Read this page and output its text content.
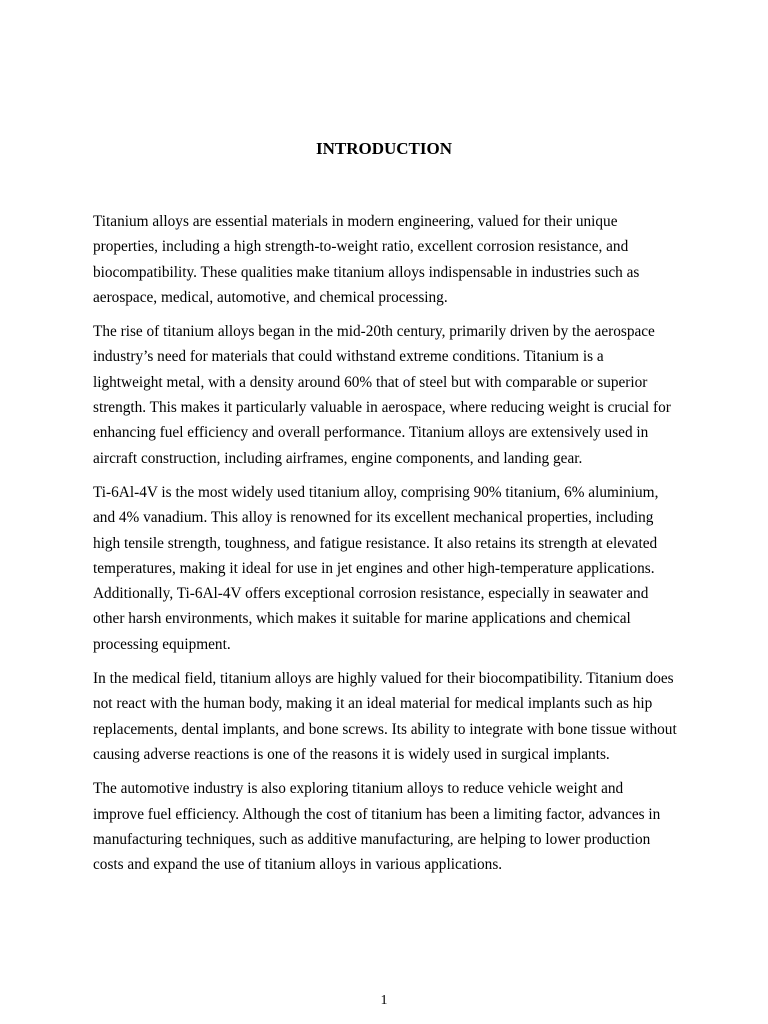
INTRODUCTION

Titanium alloys are essential materials in modern engineering, valued for their unique properties, including a high strength-to-weight ratio, excellent corrosion resistance, and biocompatibility. These qualities make titanium alloys indispensable in industries such as aerospace, medical, automotive, and chemical processing.

The rise of titanium alloys began in the mid-20th century, primarily driven by the aerospace industry’s need for materials that could withstand extreme conditions. Titanium is a lightweight metal, with a density around 60% that of steel but with comparable or superior strength. This makes it particularly valuable in aerospace, where reducing weight is crucial for enhancing fuel efficiency and overall performance. Titanium alloys are extensively used in aircraft construction, including airframes, engine components, and landing gear.

Ti-6Al-4V is the most widely used titanium alloy, comprising 90% titanium, 6% aluminium, and 4% vanadium. This alloy is renowned for its excellent mechanical properties, including high tensile strength, toughness, and fatigue resistance. It also retains its strength at elevated temperatures, making it ideal for use in jet engines and other high-temperature applications. Additionally, Ti-6Al-4V offers exceptional corrosion resistance, especially in seawater and other harsh environments, which makes it suitable for marine applications and chemical processing equipment.

In the medical field, titanium alloys are highly valued for their biocompatibility. Titanium does not react with the human body, making it an ideal material for medical implants such as hip replacements, dental implants, and bone screws. Its ability to integrate with bone tissue without causing adverse reactions is one of the reasons it is widely used in surgical implants.

The automotive industry is also exploring titanium alloys to reduce vehicle weight and improve fuel efficiency. Although the cost of titanium has been a limiting factor, advances in manufacturing techniques, such as additive manufacturing, are helping to lower production costs and expand the use of titanium alloys in various applications.

1
